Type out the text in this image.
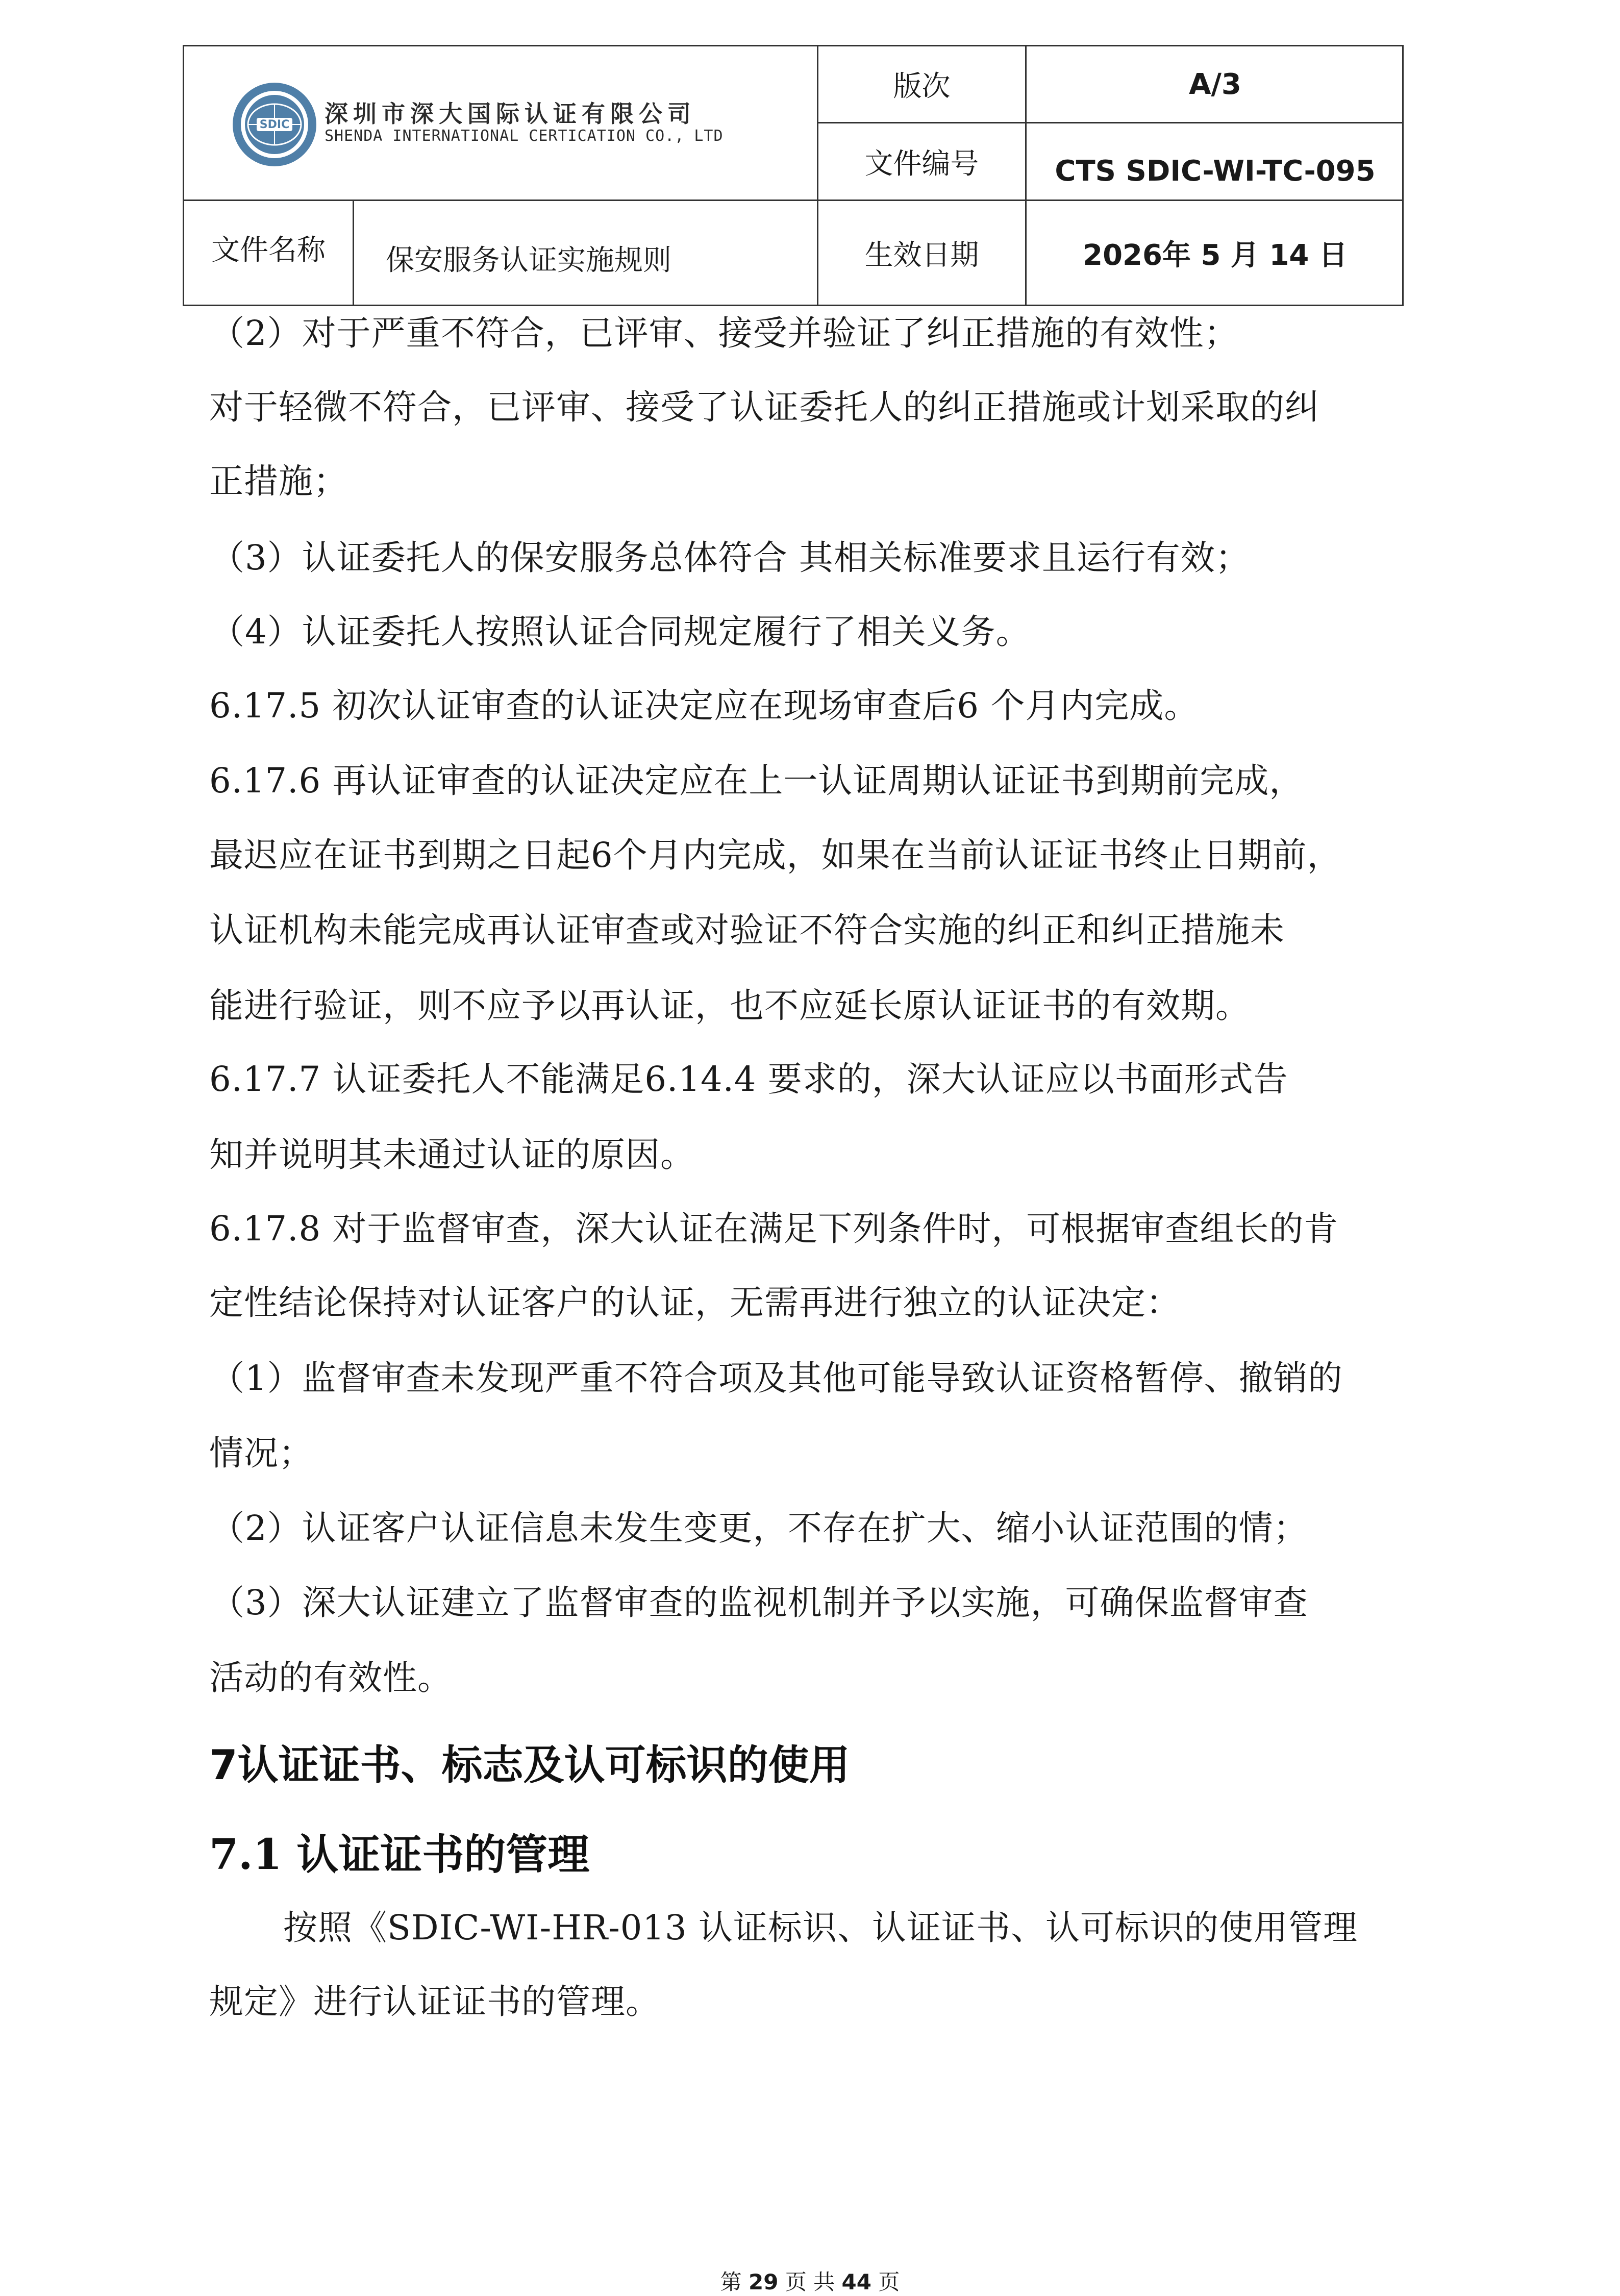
SDIC 深圳市深大国际认证有限公司
SHENDA INTERNATIONAL CERTICATION CO., LTD
版次	A/3
文件编号	CTS SDIC-WI-TC-095
文件名称	保安服务认证实施规则	生效日期	2026年 5 月 14 日
（2）对于严重不符合，已评审、接受并验证了纠正措施的有效性；
对于轻微不符合，已评审、接受了认证委托人的纠正措施或计划采取的纠
正措施；
（3）认证委托人的保安服务总体符合 其相关标准要求且运行有效；
（4）认证委托人按照认证合同规定履行了相关义务。
6.17.5 初次认证审查的认证决定应在现场审查后6 个月内完成。
6.17.6 再认证审查的认证决定应在上一认证周期认证证书到期前完成，
最迟应在证书到期之日起6个月内完成，如果在当前认证证书终止日期前，
认证机构未能完成再认证审查或对验证不符合实施的纠正和纠正措施未
能进行验证，则不应予以再认证，也不应延长原认证证书的有效期。
6.17.7 认证委托人不能满足6.14.4 要求的，深大认证应以书面形式告
知并说明其未通过认证的原因。
6.17.8 对于监督审查，深大认证在满足下列条件时，可根据审查组长的肯
定性结论保持对认证客户的认证，无需再进行独立的认证决定：
（1）监督审查未发现严重不符合项及其他可能导致认证资格暂停、撤销的
情况；
（2）认证客户认证信息未发生变更，不存在扩大、缩小认证范围的情；
（3）深大认证建立了监督审查的监视机制并予以实施，可确保监督审查
活动的有效性。
7认证证书、标志及认可标识的使用
7.1 认证证书的管理
按照《SDIC-WI-HR-013 认证标识、认证证书、认可标识的使用管理
规定》进行认证证书的管理。
第 29 页 共 44 页
